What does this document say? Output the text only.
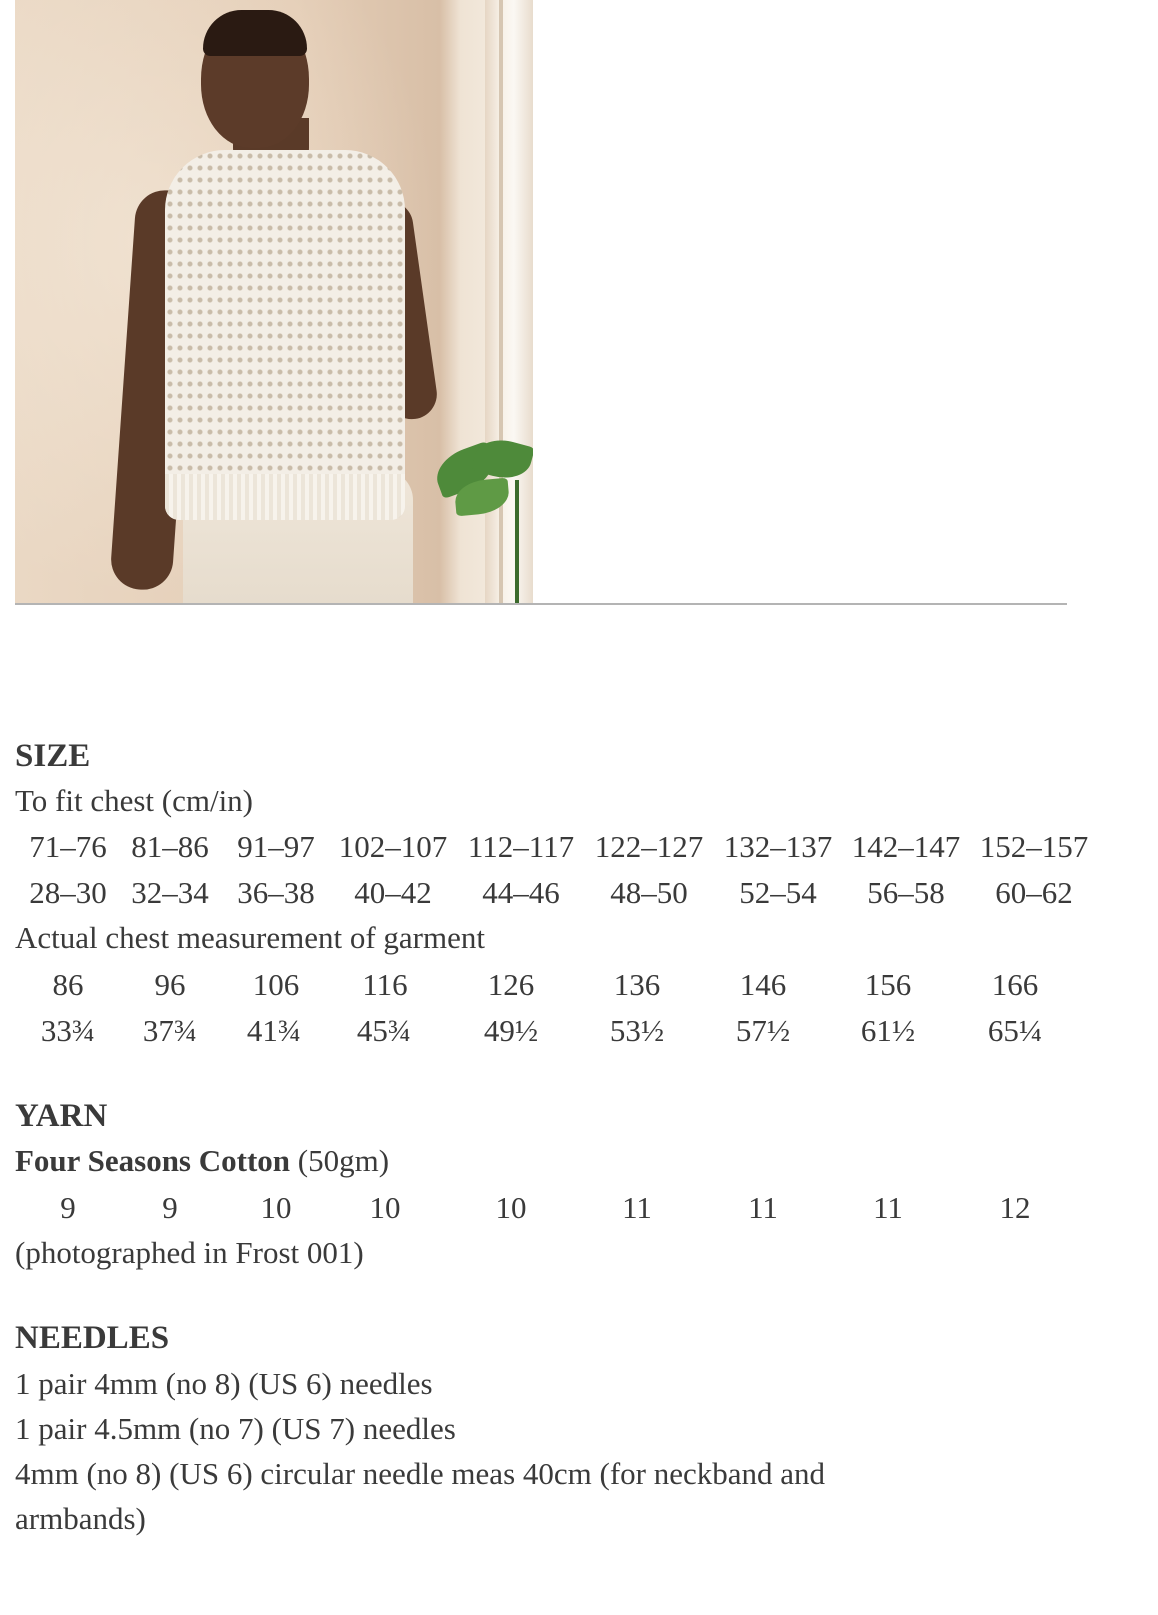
SIZE

To fit chest (cm/in)

71–76 81–86 91–97 102–107 112–117 122–127 132–137 142–147 152–157
28–30 32–34 36–38 40–42 44–46 48–50 52–54 56–58 60–62

Actual chest measurement of garment

86 96 106 116	126	136	146	156	166
33¾ 37¾ 41¾ 45¾ 49½ 53½ 57½ 61½ 65¼
YARN

Four Seasons Cotton (50gm)

9	9	10	10	10	11	11	11	12

(photographed in Frost 001)

NEEDLES

1 pair 4mm (no 8) (US 6) needles

1 pair 4.5mm (no 7) (US 7) needles

4mm (no 8) (US 6) circular needle meas 40cm (for neckband and

armbands)
